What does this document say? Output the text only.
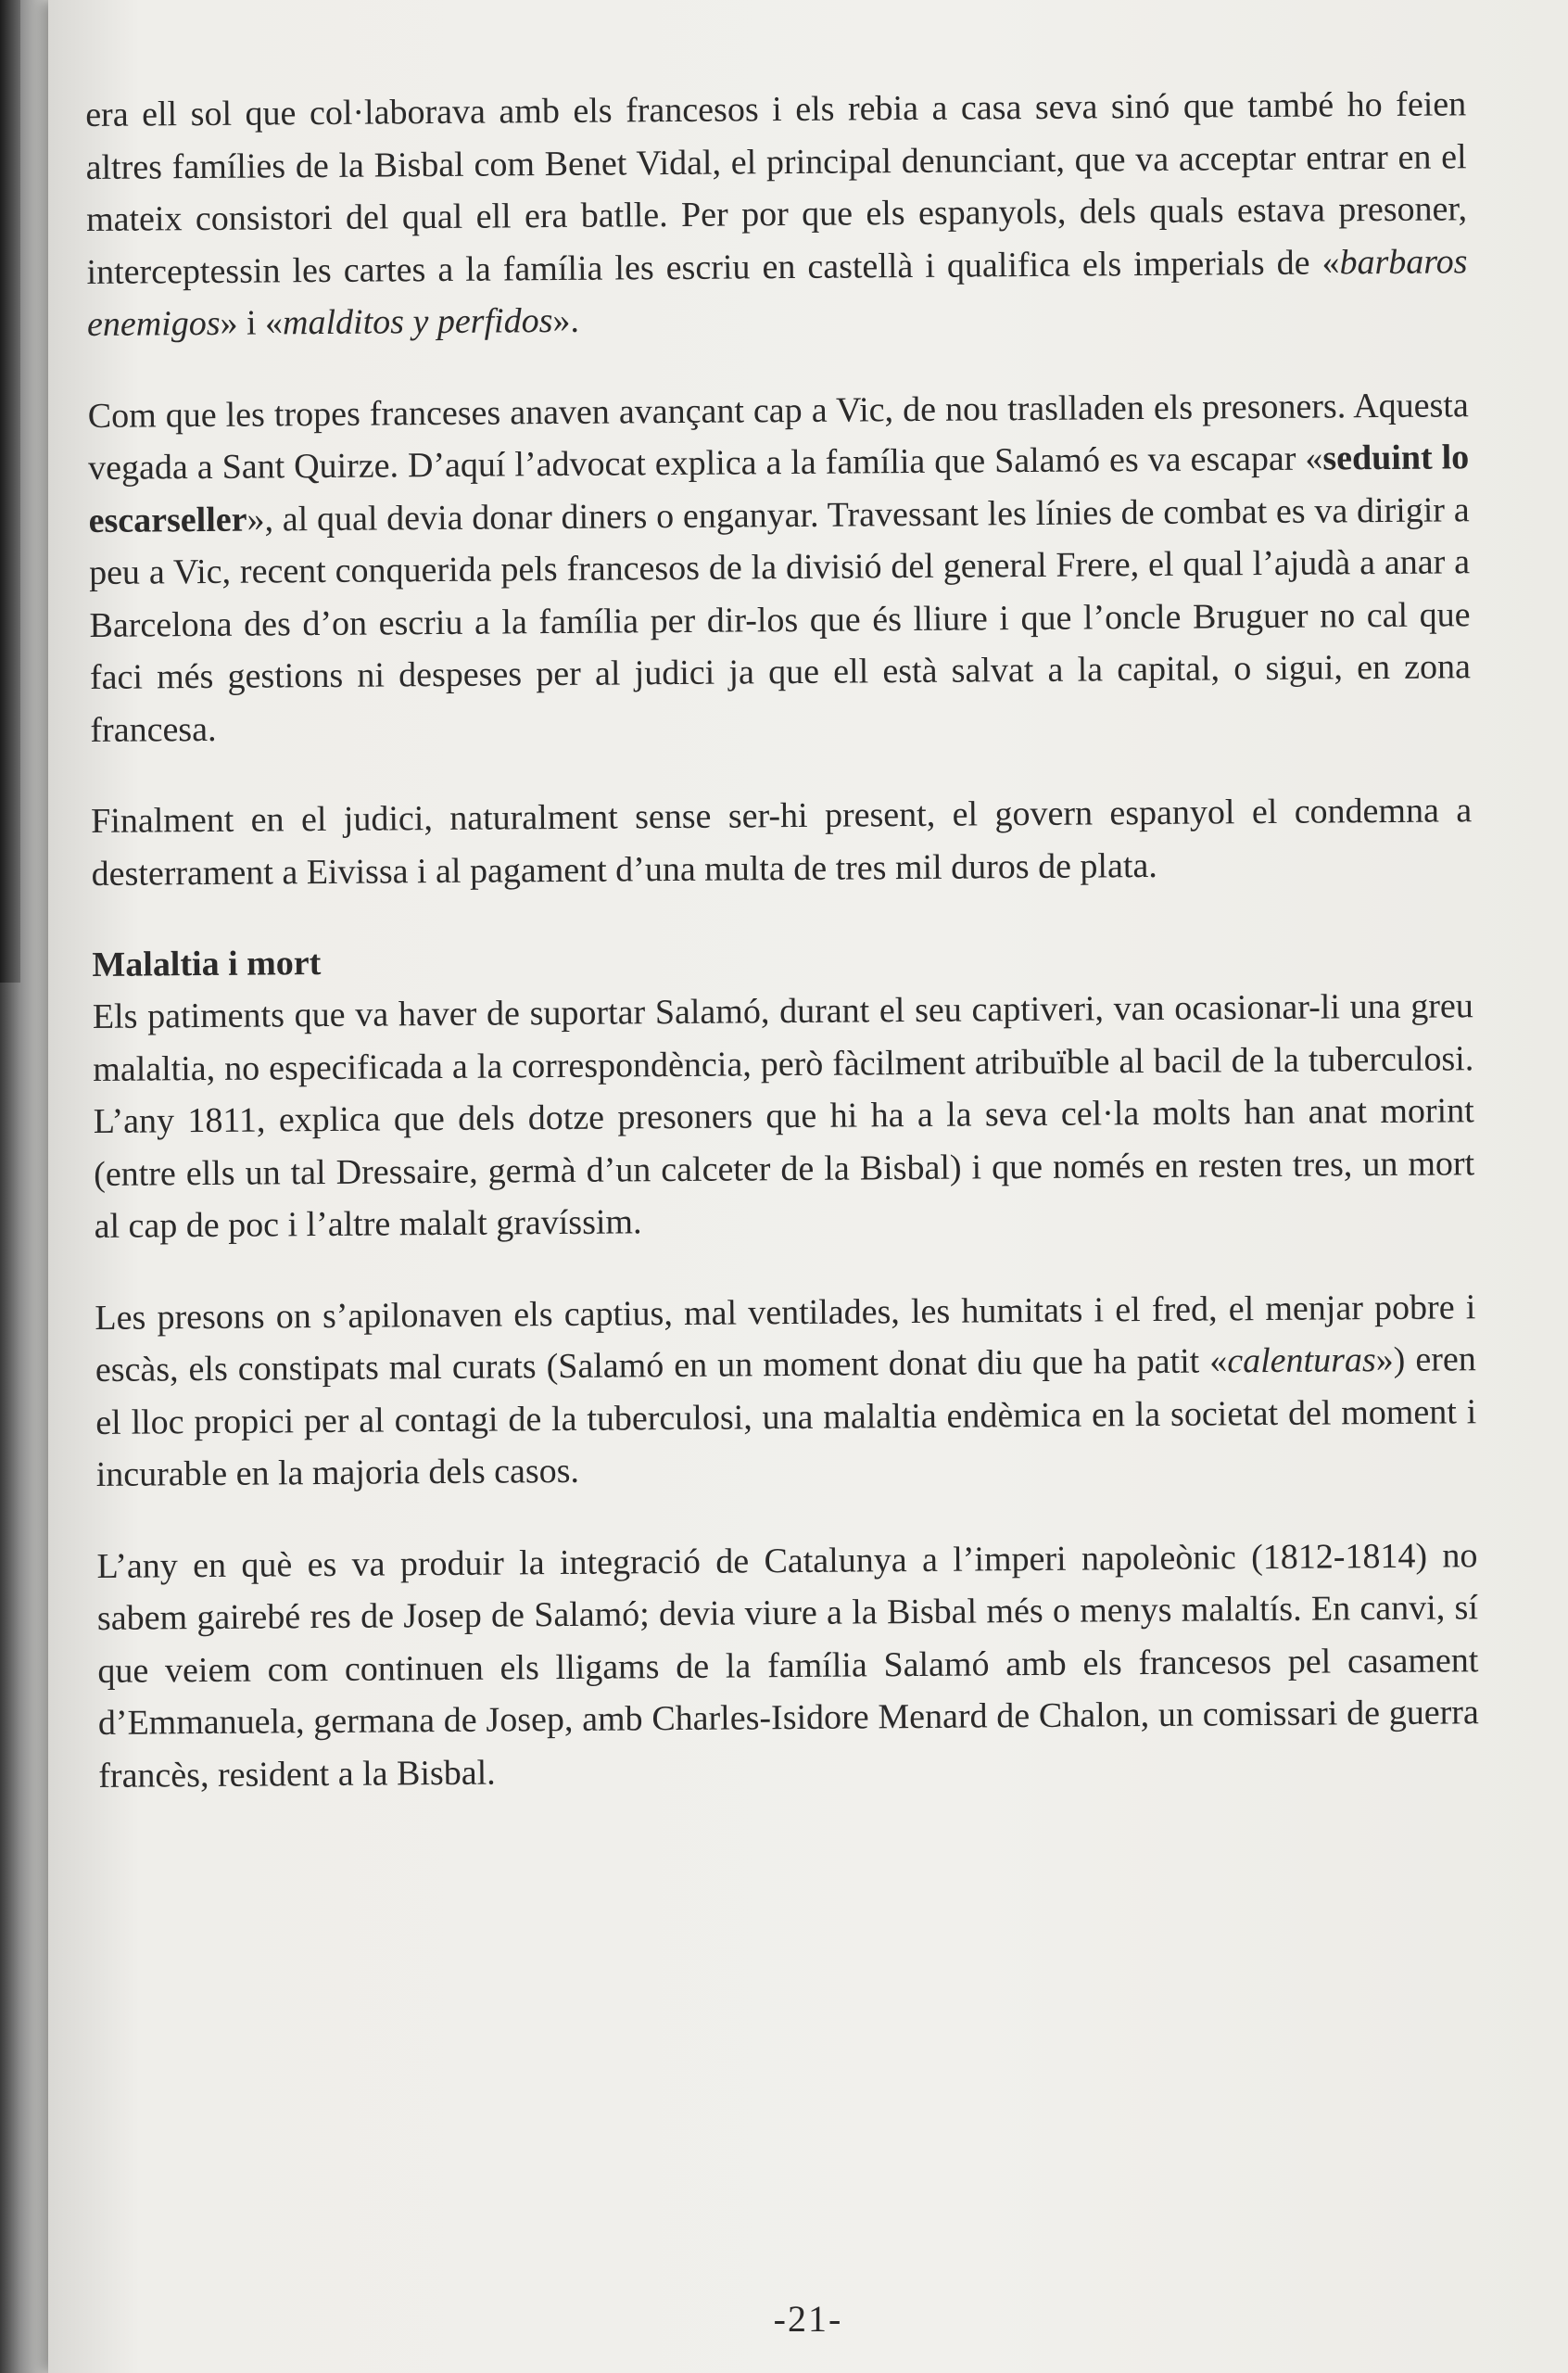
era ell sol que col·laborava amb els francesos i els rebia a casa seva sinó que també ho feien altres famílies de la Bisbal com Benet Vidal, el principal denunciant, que va acceptar entrar en el mateix consistori del qual ell era batlle. Per por que els espanyols, dels quals estava presoner, interceptessin les cartes a la família les escriu en castellà i qualifica els imperials de «barbaros enemigos» i «malditos y perfidos».

Com que les tropes franceses anaven avançant cap a Vic, de nou traslladen els presoners. Aquesta vegada a Sant Quirze. D’aquí l’advocat explica a la família que Salamó es va escapar «seduint lo escarseller», al qual devia donar diners o enganyar. Travessant les línies de combat es va dirigir a peu a Vic, recent conquerida pels francesos de la divisió del general Frere, el qual l’ajudà a anar a Barcelona des d’on escriu a la família per dir-los que és lliure i que l’oncle Bruguer no cal que faci més gestions ni despeses per al judici ja que ell està salvat a la capital, o sigui, en zona francesa.

Finalment en el judici, naturalment sense ser-hi present, el govern espanyol el condemna a desterrament a Eivissa i al pagament d’una multa de tres mil duros de plata.

Malaltia i mort

Els patiments que va haver de suportar Salamó, durant el seu captiveri, van ocasionar-li una greu malaltia, no especificada a la correspondència, però fàcilment atribuïble al bacil de la tuberculosi. L’any 1811, explica que dels dotze presoners que hi ha a la seva cel·la molts han anat morint (entre ells un tal Dressaire, germà d’un calceter de la Bisbal) i que només en resten tres, un mort al cap de poc i l’altre malalt gravíssim.

Les presons on s’apilonaven els captius, mal ventilades, les humitats i el fred, el menjar pobre i escàs, els constipats mal curats (Salamó en un moment donat diu que ha patit «calenturas») eren el lloc propici per al contagi de la tuberculosi, una malaltia endèmica en la societat del moment i incurable en la majoria dels casos.

L’any en què es va produir la integració de Catalunya a l’imperi napoleònic (1812-1814) no sabem gairebé res de Josep de Salamó; devia viure a la Bisbal més o menys malaltís. En canvi, sí que veiem com continuen els lligams de la família Salamó amb els francesos pel casament d’Emmanuela, germana de Josep, amb Charles-Isidore Menard de Chalon, un comissari de guerra francès, resident a la Bisbal.

-21-
